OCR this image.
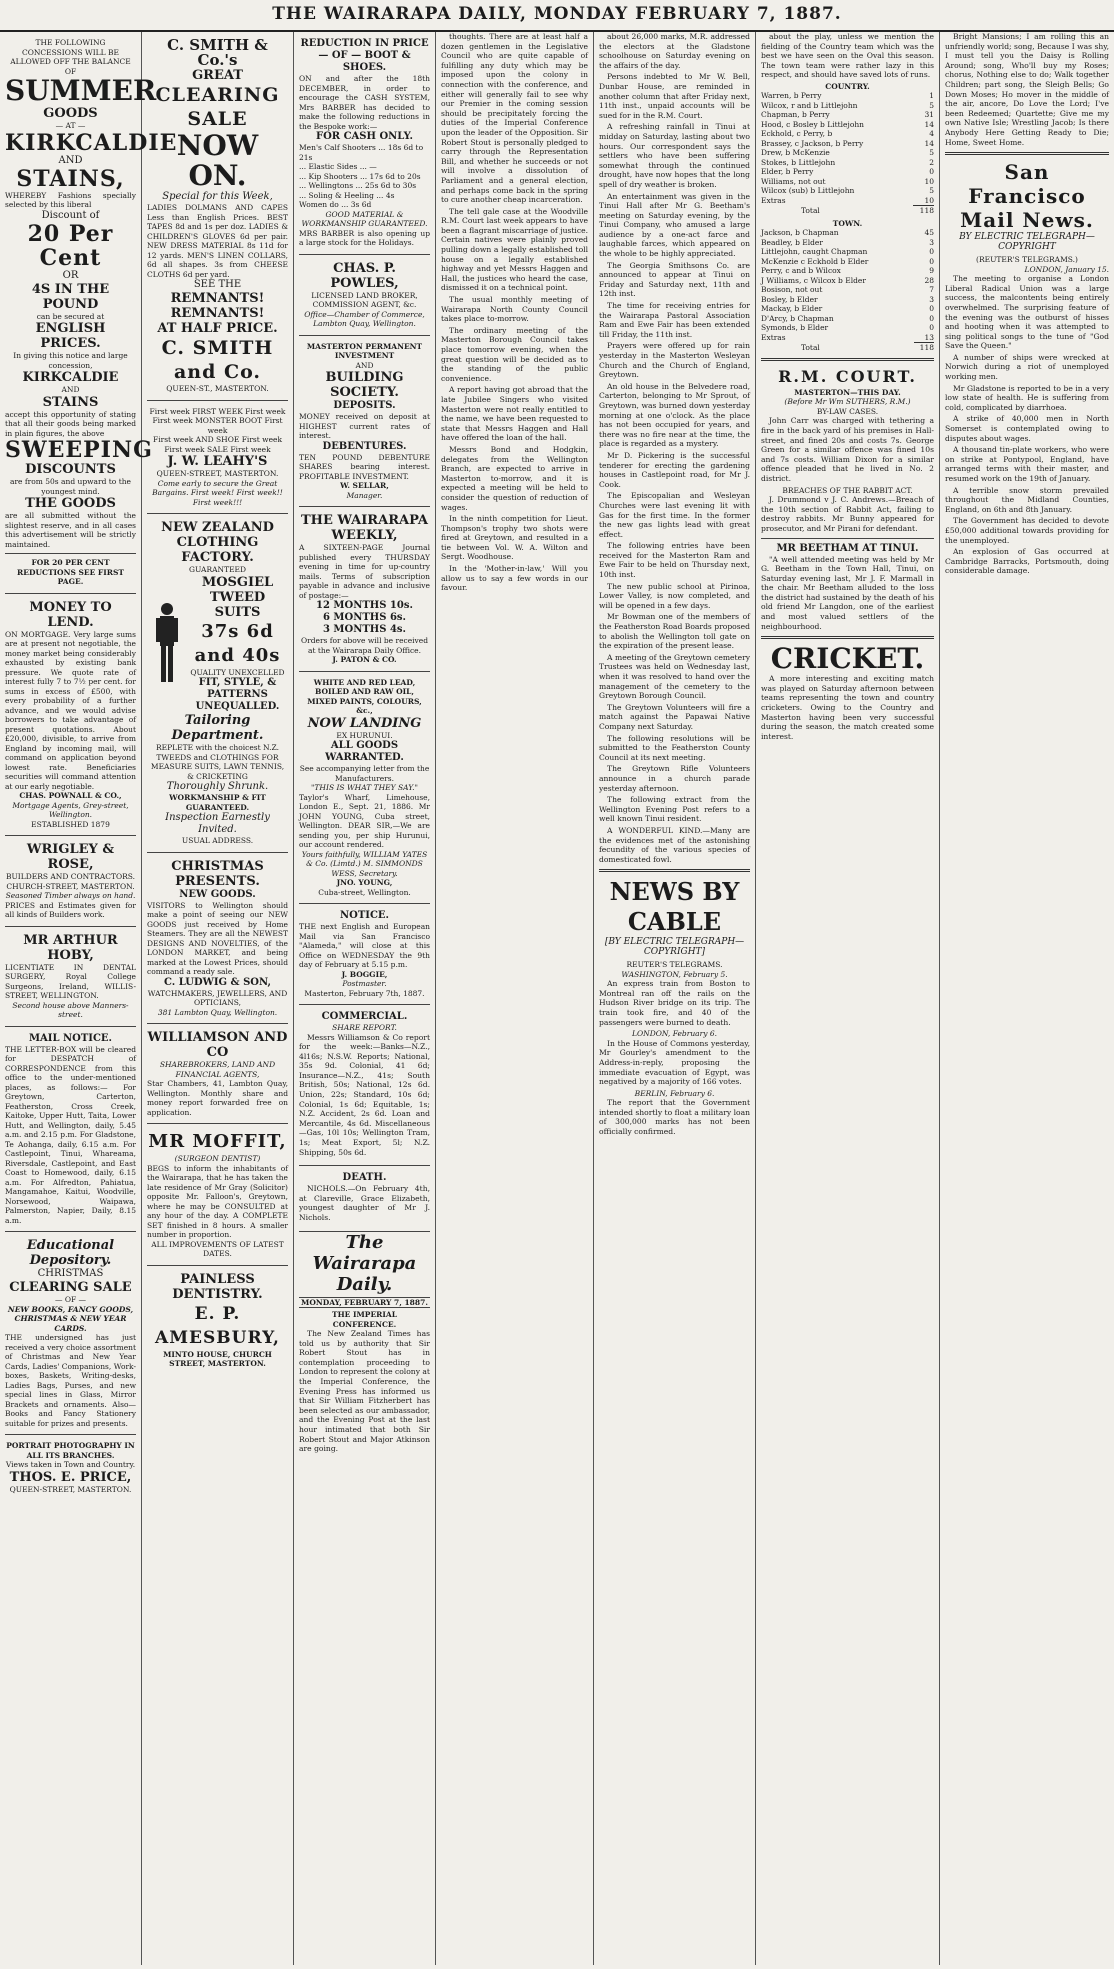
THE WAIRARAPA DAILY, MONDAY FEBRUARY 7, 1887.
THE FOLLOWING CONCESSIONS WILL BE ALLOWED OFF THE BALANCE OF
SUMMER
GOODS
— AT —
KIRKCALDIE
AND
STAINS,
WHEREBY Fashions specially selected by this liberal
Discount of
20 Per Cent
OR
4S IN THE POUND
can be secured at
ENGLISH PRICES.
In giving this notice and large concession,
KIRKCALDIE
AND
STAINS
accept this opportunity of stating that all their goods being marked in plain figures, the above
SWEEPING
DISCOUNTS
are from 50s and upward to the youngest mind.
THE GOODS
are all submitted without the slightest reserve, and in all cases this advertisement will be strictly maintained.
FOR 20 PER CENT REDUCTIONS SEE FIRST PAGE.
MONEY TO LEND.
ON MORTGAGE. Very large sums are at present not negotiable, the money market being considerably exhausted by existing bank pressure. We quote rate of interest fully 7 to 7½ per cent. for sums in excess of £500, with every probability of a further advance, and we would advise borrowers to take advantage of present quotations. About £20,000, divisible, to arrive from England by incoming mail, will command on application beyond lowest rate. Beneficiaries securities will command attention at our early negotiable.
CHAS. POWNALL & CO.,
Mortgage Agents, Grey-street, Wellington.
ESTABLISHED 1879
WRIGLEY & ROSE,
BUILDERS AND CONTRACTORS.
CHURCH-STREET, MASTERTON.
Seasoned Timber always on hand.
PRICES and Estimates given for all kinds of Builders work.
MR ARTHUR HOBY,
LICENTIATE IN DENTAL SURGERY, Royal College Surgeons, Ireland, WILLIS-STREET, WELLINGTON.
Second house above Manners-street.
MAIL NOTICE.
THE LETTER-BOX will be cleared for DESPATCH of CORRESPONDENCE from this office to the under-mentioned places, as follows:— For Greytown, Carterton, Featherston, Cross Creek, Kaitoke, Upper Hutt, Taita, Lower Hutt, and Wellington, daily, 5.45 a.m. and 2.15 p.m. For Gladstone, Te Aohanga, daily, 6.15 a.m. For Castlepoint, Tinui, Whareama, Riversdale, Castlepoint, and East Coast to Homewood, daily, 6.15 a.m. For Alfredton, Pahiatua, Mangamahoe, Kaitui, Woodville, Norsewood, Waipawa, Palmerston, Napier, Daily, 8.15 a.m.
Educational Depository.
CHRISTMAS
CLEARING SALE
— OF —
NEW BOOKS, FANCY GOODS, CHRISTMAS & NEW YEAR CARDS.
THE undersigned has just received a very choice assortment of Christmas and New Year Cards, Ladies' Companions, Work-boxes, Baskets, Writing-desks, Ladies Bags, Purses, and new special lines in Glass, Mirror Brackets and ornaments. Also—Books and Fancy Stationery suitable for prizes and presents.
PORTRAIT PHOTOGRAPHY IN ALL ITS BRANCHES.
Views taken in Town and Country.
THOS. E. PRICE,
QUEEN-STREET, MASTERTON.
C. SMITH & Co.'s
GREAT
CLEARING SALE
NOW ON.
Special for this Week,
LADIES DOLMANS AND CAPES Less than English Prices. BEST TAPES 8d and 1s per doz. LADIES & CHILDREN'S GLOVES 6d per pair. NEW DRESS MATERIAL 8s 11d for 12 yards. MEN'S LINEN COLLARS, 6d all shapes. 3s from CHEESE CLOTHS 6d per yard.
SEE THE
REMNANTS! REMNANTS!
AT HALF PRICE.
C. SMITH and Co.
QUEEN-ST., MASTERTON.
First week FIRST WEEK First week
First week MONSTER BOOT First week
First week AND SHOE First week
First week SALE First week
J. W. LEAHY'S
QUEEN-STREET, MASTERTON.
Come early to secure the Great Bargains. First week! First week!! First week!!!
NEW ZEALAND CLOTHING FACTORY.
GUARANTEED
MOSGIEL TWEED SUITS
37s 6d and 40s
QUALITY UNEXCELLED
FIT, STYLE, & PATTERNS UNEQUALLED.
Tailoring Department.
REPLETE with the choicest N.Z. TWEEDS and CLOTHINGS FOR MEASURE SUITS, LAWN TENNIS, & CRICKETING
Thoroughly Shrunk.
WORKMANSHIP & FIT GUARANTEED.
Inspection Earnestly Invited.
USUAL ADDRESS.
CHRISTMAS PRESENTS.
NEW GOODS.
VISITORS to Wellington should make a point of seeing our NEW GOODS just received by Home Steamers. They are all the NEWEST DESIGNS AND NOVELTIES, of the LONDON MARKET, and being marked at the Lowest Prices, should command a ready sale.
C. LUDWIG & SON,
WATCHMAKERS, JEWELLERS, AND OPTICIANS,
381 Lambton Quay, Wellington.
WILLIAMSON AND CO
SHAREBROKERS, LAND AND FINANCIAL AGENTS,
Star Chambers, 41, Lambton Quay, Wellington. Monthly share and money report forwarded free on application.
MR MOFFIT,
(SURGEON DENTIST)
BEGS to inform the inhabitants of the Wairarapa, that he has taken the late residence of Mr Gray (Solicitor) opposite Mr. Falloon's, Greytown, where he may be CONSULTED at any hour of the day. A COMPLETE SET finished in 8 hours. A smaller number in proportion.
ALL IMPROVEMENTS OF LATEST DATES.
PAINLESS DENTISTRY.
E. P. AMESBURY,
MINTO HOUSE, CHURCH STREET, MASTERTON.
REDUCTION IN PRICE
— OF — BOOT & SHOES.
ON and after the 18th DECEMBER, in order to encourage the CASH SYSTEM, Mrs BARBER has decided to make the following reductions in the Bespoke work:—
FOR CASH ONLY.
Men's Calf Shooters ... 18s 6d to 21s
... Elastic Sides ... —
... Kip Shooters ... 17s 6d to 20s
... Wellingtons ... 25s 6d to 30s
... Soling & Heeling ... 4s
Women do ... 3s 6d
GOOD MATERIAL & WORKMANSHIP GUARANTEED.
MRS BARBER is also opening up a large stock for the Holidays.
CHAS. P. POWLES,
LICENSED LAND BROKER, COMMISSION AGENT, &c.
Office—Chamber of Commerce, Lambton Quay, Wellington.
MASTERTON PERMANENT INVESTMENT
AND
BUILDING SOCIETY.
DEPOSITS.
MONEY received on deposit at HIGHEST current rates of interest.
DEBENTURES.
TEN POUND DEBENTURE SHARES bearing interest. PROFITABLE INVESTMENT.
W. SELLAR,
Manager.
THE WAIRARAPA WEEKLY,
A SIXTEEN-PAGE Journal published every THURSDAY evening in time for up-country mails. Terms of subscription payable in advance and inclusive of postage:—
12 MONTHS 10s.
6 MONTHS 6s.
3 MONTHS 4s.
Orders for above will be received at the Wairarapa Daily Office.
J. PATON & CO.
WHITE AND RED LEAD,
BOILED AND RAW OIL,
MIXED PAINTS, COLOURS, &c.,
NOW LANDING
EX HURUNUI.
ALL GOODS WARRANTED.
See accompanying letter from the Manufacturers.
"THIS IS WHAT THEY SAY."
Taylor's Wharf, Limehouse, London E., Sept. 21, 1886. Mr JOHN YOUNG, Cuba street, Wellington. DEAR SIR,—We are sending you, per ship Hurunui, our account rendered.
Yours faithfully, WILLIAM YATES & Co. (Limtd.) M. SIMMONDS WESS, Secretary.
JNO. YOUNG,
Cuba-street, Wellington.
NOTICE.
THE next English and European Mail via San Francisco "Alameda," will close at this Office on WEDNESDAY the 9th day of February at 5.15 p.m.
J. BOGGIE,
Postmaster.
Masterton, February 7th, 1887.
COMMERCIAL.
SHARE REPORT.
Messrs Williamson & Co report for the week:—Banks—N.Z., 4l16s; N.S.W. Reports; National, 35s 9d. Colonial, 41 6d; Insurance—N.Z., 41s; South British, 50s; National, 12s 6d. Union, 22s; Standard, 10s 6d; Colonial, 1s 6d; Equitable, 1s; N.Z. Accident, 2s 6d. Loan and Mercantile, 4s 6d. Miscellaneous—Gas, 10l 10s; Wellington Tram, 1s; Meat Export, 5l; N.Z. Shipping, 50s 6d.
DEATH.
NICHOLS.—On February 4th, at Clareville, Grace Elizabeth, youngest daughter of Mr J. Nichols.
The Wairarapa Daily.
MONDAY, FEBRUARY 7, 1887.
THE IMPERIAL CONFERENCE.
The New Zealand Times has told us by authority that Sir Robert Stout has in contemplation proceeding to London to represent the colony at the Imperial Conference, the Evening Press has informed us that Sir William Fitzherbert has been selected as our ambassador, and the Evening Post at the last hour intimated that both Sir Robert Stout and Major Atkinson are going.

thoughts. There are at least half a dozen gentlemen in the Legislative Council who are quite capable of fulfilling any duty which may be imposed upon the colony in connection with the conference, and either will generally fail to see why our Premier in the coming session should be precipitately forcing the duties of the Imperial Conference upon the leader of the Opposition. Sir Robert Stout is personally pledged to carry through the Representation Bill, and whether he succeeds or not will involve a dissolution of Parliament and a general election, and perhaps come back in the spring to cure another cheap incarceration.

The tell gale case at the Woodville R.M. Court last week appears to have been a flagrant miscarriage of justice. Certain natives were plainly proved pulling down a legally established toll house on a legally established highway and yet Messrs Haggen and Hall, the justices who heard the case, dismissed it on a technical point.

The usual monthly meeting of Wairarapa North County Council takes place to-morrow.

The ordinary meeting of the Masterton Borough Council takes place tomorrow evening, when the great question will be decided as to the standing of the public convenience.

A report having got abroad that the late Jubilee Singers who visited Masterton were not really entitled to the name, we have been requested to state that Messrs Haggen and Hall have offered the loan of the hall.

Messrs Bond and Hodgkin, delegates from the Wellington Branch, are expected to arrive in Masterton to-morrow, and it is expected a meeting will be held to consider the question of reduction of wages.

In the ninth competition for Lieut. Thompson's trophy two shots were fired at Greytown, and resulted in a tie between Vol. W. A. Wilton and Sergt. Woodhouse.

In the 'Mother-in-law,' Will you allow us to say a few words in our favour.

about 26,000 marks, M.R. addressed the electors at the Gladstone schoolhouse on Saturday evening on the affairs of the day.

Persons indebted to Mr W. Bell, Dunbar House, are reminded in another column that after Friday next, 11th inst., unpaid accounts will be sued for in the R.M. Court.

A refreshing rainfall in Tinui at midday on Saturday, lasting about two hours. Our correspondent says the settlers who have been suffering somewhat through the continued drought, have now hopes that the long spell of dry weather is broken.

An entertainment was given in the Tinui Hall after Mr G. Beetham's meeting on Saturday evening, by the Tinui Company, who amused a large audience by a one-act farce and laughable farces, which appeared on the whole to be highly appreciated.

The Georgia Smithsons Co. are announced to appear at Tinui on Friday and Saturday next, 11th and 12th inst.

The time for receiving entries for the Wairarapa Pastoral Association Ram and Ewe Fair has been extended till Friday, the 11th inst.

Prayers were offered up for rain yesterday in the Masterton Wesleyan Church and the Church of England, Greytown.

An old house in the Belvedere road, Carterton, belonging to Mr Sprout, of Greytown, was burned down yesterday morning at one o'clock. As the place has not been occupied for years, and there was no fire near at the time, the place is regarded as a mystery.

Mr D. Pickering is the successful tenderer for erecting the gardening houses in Castlepoint road, for Mr J. Cook.

The Episcopalian and Wesleyan Churches were last evening lit with Gas for the first time. In the former the new gas lights lead with great effect.

The following entries have been received for the Masterton Ram and Ewe Fair to be held on Thursday next, 10th inst.

The new public school at Pirinoa, Lower Valley, is now completed, and will be opened in a few days.

Mr Bowman one of the members of the Featherston Road Boards proposed to abolish the Wellington toll gate on the expiration of the present lease.

A meeting of the Greytown cemetery Trustees was held on Wednesday last, when it was resolved to hand over the management of the cemetery to the Greytown Borough Council.

The Greytown Volunteers will fire a match against the Papawai Native Company next Saturday.

The following resolutions will be submitted to the Featherston County Council at its next meeting.

The Greytown Rifle Volunteers announce in a church parade yesterday afternoon.

The following extract from the Wellington Evening Post refers to a well known Tinui resident.

A WONDERFUL KIND.—Many are the evidences met of the astonishing fecundity of the various species of domesticated fowl.

NEWS BY CABLE
[BY ELECTRIC TELEGRAPH—COPYRIGHT]
REUTER'S TELEGRAMS.
WASHINGTON, February 5.

An express train from Boston to Montreal ran off the rails on the Hudson River bridge on its trip. The train took fire, and 40 of the passengers were burned to death.

LONDON, February 6.

In the House of Commons yesterday, Mr Gourley's amendment to the Address-in-reply, proposing the immediate evacuation of Egypt, was negatived by a majority of 166 votes.

BERLIN, February 6.

The report that the Government intended shortly to float a military loan of 300,000 marks has not been officially confirmed.

about the play, unless we mention the fielding of the Country team which was the best we have seen on the Oval this season. The town team were rather lazy in this respect, and should have saved lots of runs.

COUNTRY.
Warren, b Perry	1
Wilcox, r and b Littlejohn	5
Chapman, b Perry	31
Hood, c Bosley b Littlejohn	14
Eckhold, c Perry, b	4
Brassey, c Jackson, b Perry	14
Drew, b McKenzie	5
Stokes, b Littlejohn	2
Elder, b Perry	0
Williams, not out	10
Wilcox (sub) b Littlejohn	5
Extras	10
Total	118
TOWN.
Jackson, b Chapman	45
Beadley, b Elder	3
Littlejohn, caught Chapman	0
McKenzie c Eckhold b Elder	0
Perry, c and b Wilcox	9
J Williams, c Wilcox b Elder	28
Bosison, not out	7
Bosley, b Elder	3
Mackay, b Elder	0
D'Arcy, b Chapman	0
Symonds, b Elder	0
Extras	13
Total	118
R.M. COURT.
MASTERTON—THIS DAY.
(Before Mr Wm SUTHERS, R.M.)
BY-LAW CASES.

John Carr was charged with tethering a fire in the back yard of his premises in Hall-street, and fined 20s and costs 7s. George Green for a similar offence was fined 10s and 7s costs. William Dixon for a similar offence pleaded that he lived in No. 2 district.

BREACHES OF THE RABBIT ACT.

J. Drummond v J. C. Andrews.—Breach of the 10th section of Rabbit Act, failing to destroy rabbits. Mr Bunny appeared for prosecutor, and Mr Pirani for defendant.

MR BEETHAM AT TINUI.

"A well attended meeting was held by Mr G. Beetham in the Town Hall, Tinui, on Saturday evening last, Mr J. F. Marmall in the chair. Mr Beetham alluded to the loss the district had sustained by the death of his old friend Mr Langdon, one of the earliest and most valued settlers of the neighbourhood.

CRICKET.

A more interesting and exciting match was played on Saturday afternoon between teams representing the town and country cricketers. Owing to the Country and Masterton having been very successful during the season, the match created some interest.

Bright Mansions; I am rolling this an unfriendly world; song, Because I was shy, I must tell you the Daisy is Rolling Around; song, Who'll buy my Roses; chorus, Nothing else to do; Walk together Children; part song, the Sleigh Bells; Go Down Moses; Ho mover in the middle of the air, ancore, Do Love the Lord; I've been Redeemed; Quartette; Give me my own Native Isle; Wrestling Jacob; Is there Anybody Here Getting Ready to Die; Home, Sweet Home.

San Francisco Mail News.
BY ELECTRIC TELEGRAPH—COPYRIGHT
(REUTER'S TELEGRAMS.)
LONDON, January 15.

The meeting to organise a London Liberal Radical Union was a large success, the malcontents being entirely overwhelmed. The surprising feature of the evening was the outburst of hisses and hooting when it was attempted to sing political songs to the tune of "God Save the Queen."

A number of ships were wrecked at Norwich during a riot of unemployed working men.

Mr Gladstone is reported to be in a very low state of health. He is suffering from cold, complicated by diarrhoea.

A strike of 40,000 men in North Somerset is contemplated owing to disputes about wages.

A thousand tin-plate workers, who were on strike at Pontypool, England, have arranged terms with their master, and resumed work on the 19th of January.

A terrible snow storm prevailed throughout the Midland Counties, England, on 6th and 8th January.

The Government has decided to devote £50,000 additional towards providing for the unemployed.

An explosion of Gas occurred at Cambridge Barracks, Portsmouth, doing considerable damage.
